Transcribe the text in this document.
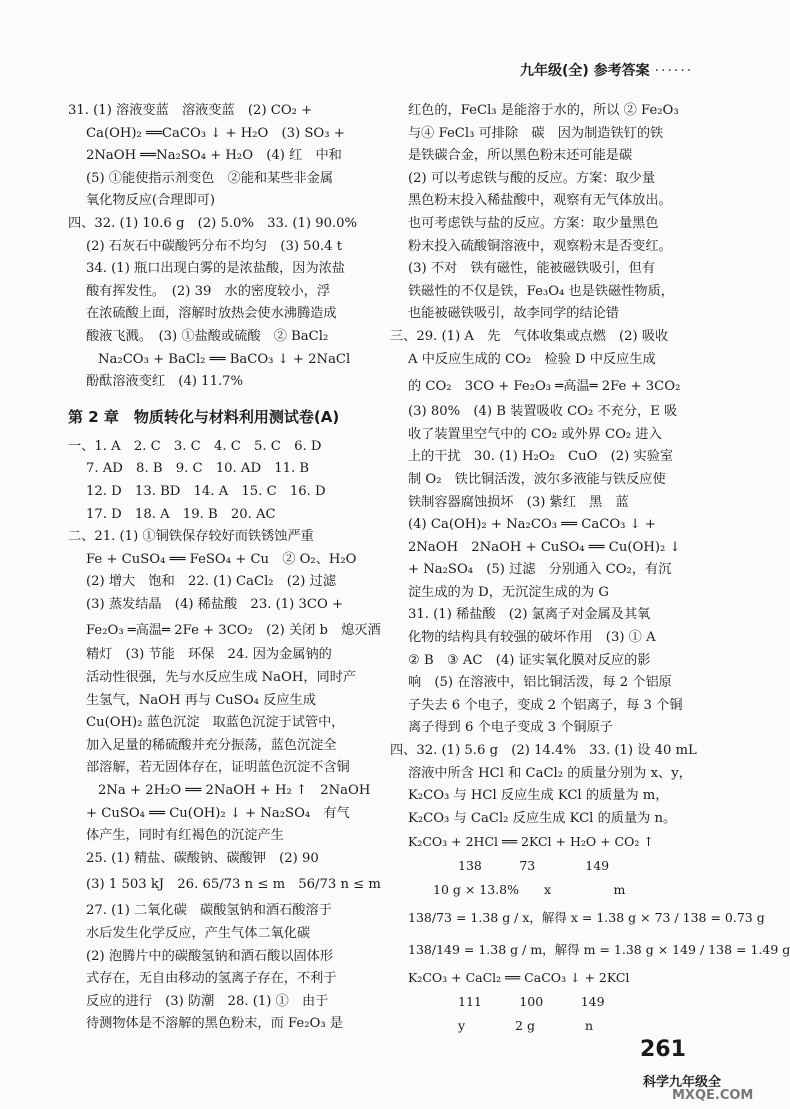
九年级(全) 参考答案 ······
31. (1) 溶液变蓝　溶液变蓝　(2) CO₂ +
Ca(OH)₂ ══CaCO₃ ↓ + H₂O　(3) SO₃ +
2NaOH ══Na₂SO₄ + H₂O　(4) 红　中和
(5) ①能使指示剂变色　②能和某些非金属
氧化物反应(合理即可)
四、32. (1) 10.6 g　(2) 5.0%　33. (1) 90.0%
(2) 石灰石中碳酸钙分布不均匀　(3) 50.4 t
34. (1) 瓶口出现白雾的是浓盐酸，因为浓盐
酸有挥发性。　(2) 39　水的密度较小，浮
在浓硫酸上面，溶解时放热会使水沸腾造成
酸液飞溅。　(3) ①盐酸或硫酸　② BaCl₂
Na₂CO₃ + BaCl₂ ══ BaCO₃ ↓ + 2NaCl
酚酞溶液变红　(4) 11.7%
第 2 章　物质转化与材料利用测试卷(A)
一、1. A　2. C　3. C　4. C　5. C　6. D
7. AD　8. B　9. C　10. AD　11. B
12. D　13. BD　14. A　15. C　16. D
17. D　18. A　19. B　20. AC
二、21. (1) ①铜铁保存较好而铁锈蚀严重
Fe + CuSO₄ ══ FeSO₄ + Cu　② O₂、H₂O
(2) 增大　饱和　22. (1) CaCl₂　(2) 过滤
(3) 蒸发结晶　(4) 稀盐酸　23. (1) 3CO +
Fe₂O₃ ═高温═ 2Fe + 3CO₂　(2) 关闭 b　熄灭酒
精灯　(3) 节能　环保　24. 因为金属钠的
活动性很强，先与水反应生成 NaOH，同时产
生氢气，NaOH 再与 CuSO₄ 反应生成
Cu(OH)₂ 蓝色沉淀　取蓝色沉淀于试管中，
加入足量的稀硫酸并充分振荡，蓝色沉淀全
部溶解，若无固体存在，证明蓝色沉淀不含铜
2Na + 2H₂O ══ 2NaOH + H₂ ↑　2NaOH
+ CuSO₄ ══ Cu(OH)₂ ↓ + Na₂SO₄　有气
体产生，同时有红褐色的沉淀产生
25. (1) 精盐、碳酸钠、碳酸钾　(2) 90
(3) 1 503 kJ　26. 65/73 n ≤ m　56/73 n ≤ m
27. (1) 二氧化碳　碳酸氢钠和酒石酸溶于
水后发生化学反应，产生气体二氧化碳
(2) 泡腾片中的碳酸氢钠和酒石酸以固体形
式存在，无自由移动的氢离子存在，不利于
反应的进行　(3) 防潮　28. (1) ①　由于
待测物体是不溶解的黑色粉末，而 Fe₂O₃ 是
红色的，FeCl₃ 是能溶于水的，所以 ② Fe₂O₃
与④ FeCl₃ 可排除　碳　因为制造铁钉的铁
是铁碳合金，所以黑色粉末还可能是碳
(2) 可以考虑铁与酸的反应。方案：取少量
黑色粉末投入稀盐酸中，观察有无气体放出。
也可考虑铁与盐的反应。方案：取少量黑色
粉末投入硫酸铜溶液中，观察粉末是否变红。
(3) 不对　铁有磁性，能被磁铁吸引，但有
铁磁性的不仅是铁，Fe₃O₄ 也是铁磁性物质，
也能被磁铁吸引，故李同学的结论错
三、29. (1) A　先　气体收集或点燃　(2) 吸收
A 中反应生成的 CO₂　检验 D 中反应生成
的 CO₂　3CO + Fe₂O₃ ═高温═ 2Fe + 3CO₂
(3) 80%　(4) B 装置吸收 CO₂ 不充分，E 吸
收了装置里空气中的 CO₂ 或外界 CO₂ 进入
上的干扰　30. (1) H₂O₂　CuO　(2) 实验室
制 O₂　铁比铜活泼，波尔多液能与铁反应使
铁制容器腐蚀损坏　(3) 紫红　黑　蓝
(4) Ca(OH)₂ + Na₂CO₃ ══ CaCO₃ ↓ +
2NaOH　2NaOH + CuSO₄ ══ Cu(OH)₂ ↓
+ Na₂SO₄　(5) 过滤　分别通入 CO₂，有沉
淀生成的为 D，无沉淀生成的为 G
31. (1) 稀盐酸　(2) 氯离子对金属及其氧
化物的结构具有较强的破坏作用　(3) ① A
② B　③ AC　(4) 证实氧化膜对反应的影
响　(5) 在溶液中，铝比铜活泼，每 2 个铝原
子失去 6 个电子，变成 2 个铝离子，每 3 个铜
离子得到 6 个电子变成 3 个铜原子
四、32. (1) 5.6 g　(2) 14.4%　33. (1) 设 40 mL
溶液中所含 HCl 和 CaCl₂ 的质量分别为 x、y，
K₂CO₃ 与 HCl 反应生成 KCl 的质量为 m，
K₂CO₃ 与 CaCl₂ 反应生成 KCl 的质量为 n。
K₂CO₃ + 2HCl ══ 2KCl + H₂O + CO₂ ↑
　　　　138　　　73　　　　149
　　10 g × 13.8%　　x　　　　　m
138/73 = 1.38 g / x，解得 x = 1.38 g × 73 / 138 = 0.73 g
138/149 = 1.38 g / m，解得 m = 1.38 g × 149 / 138 = 1.49 g
K₂CO₃ + CaCl₂ ══ CaCO₃ ↓ + 2KCl
　　　　111　　　100　　　149
　　　　y　　　　2 g　　　　n
261
科学九年级全
MXQE.COM
